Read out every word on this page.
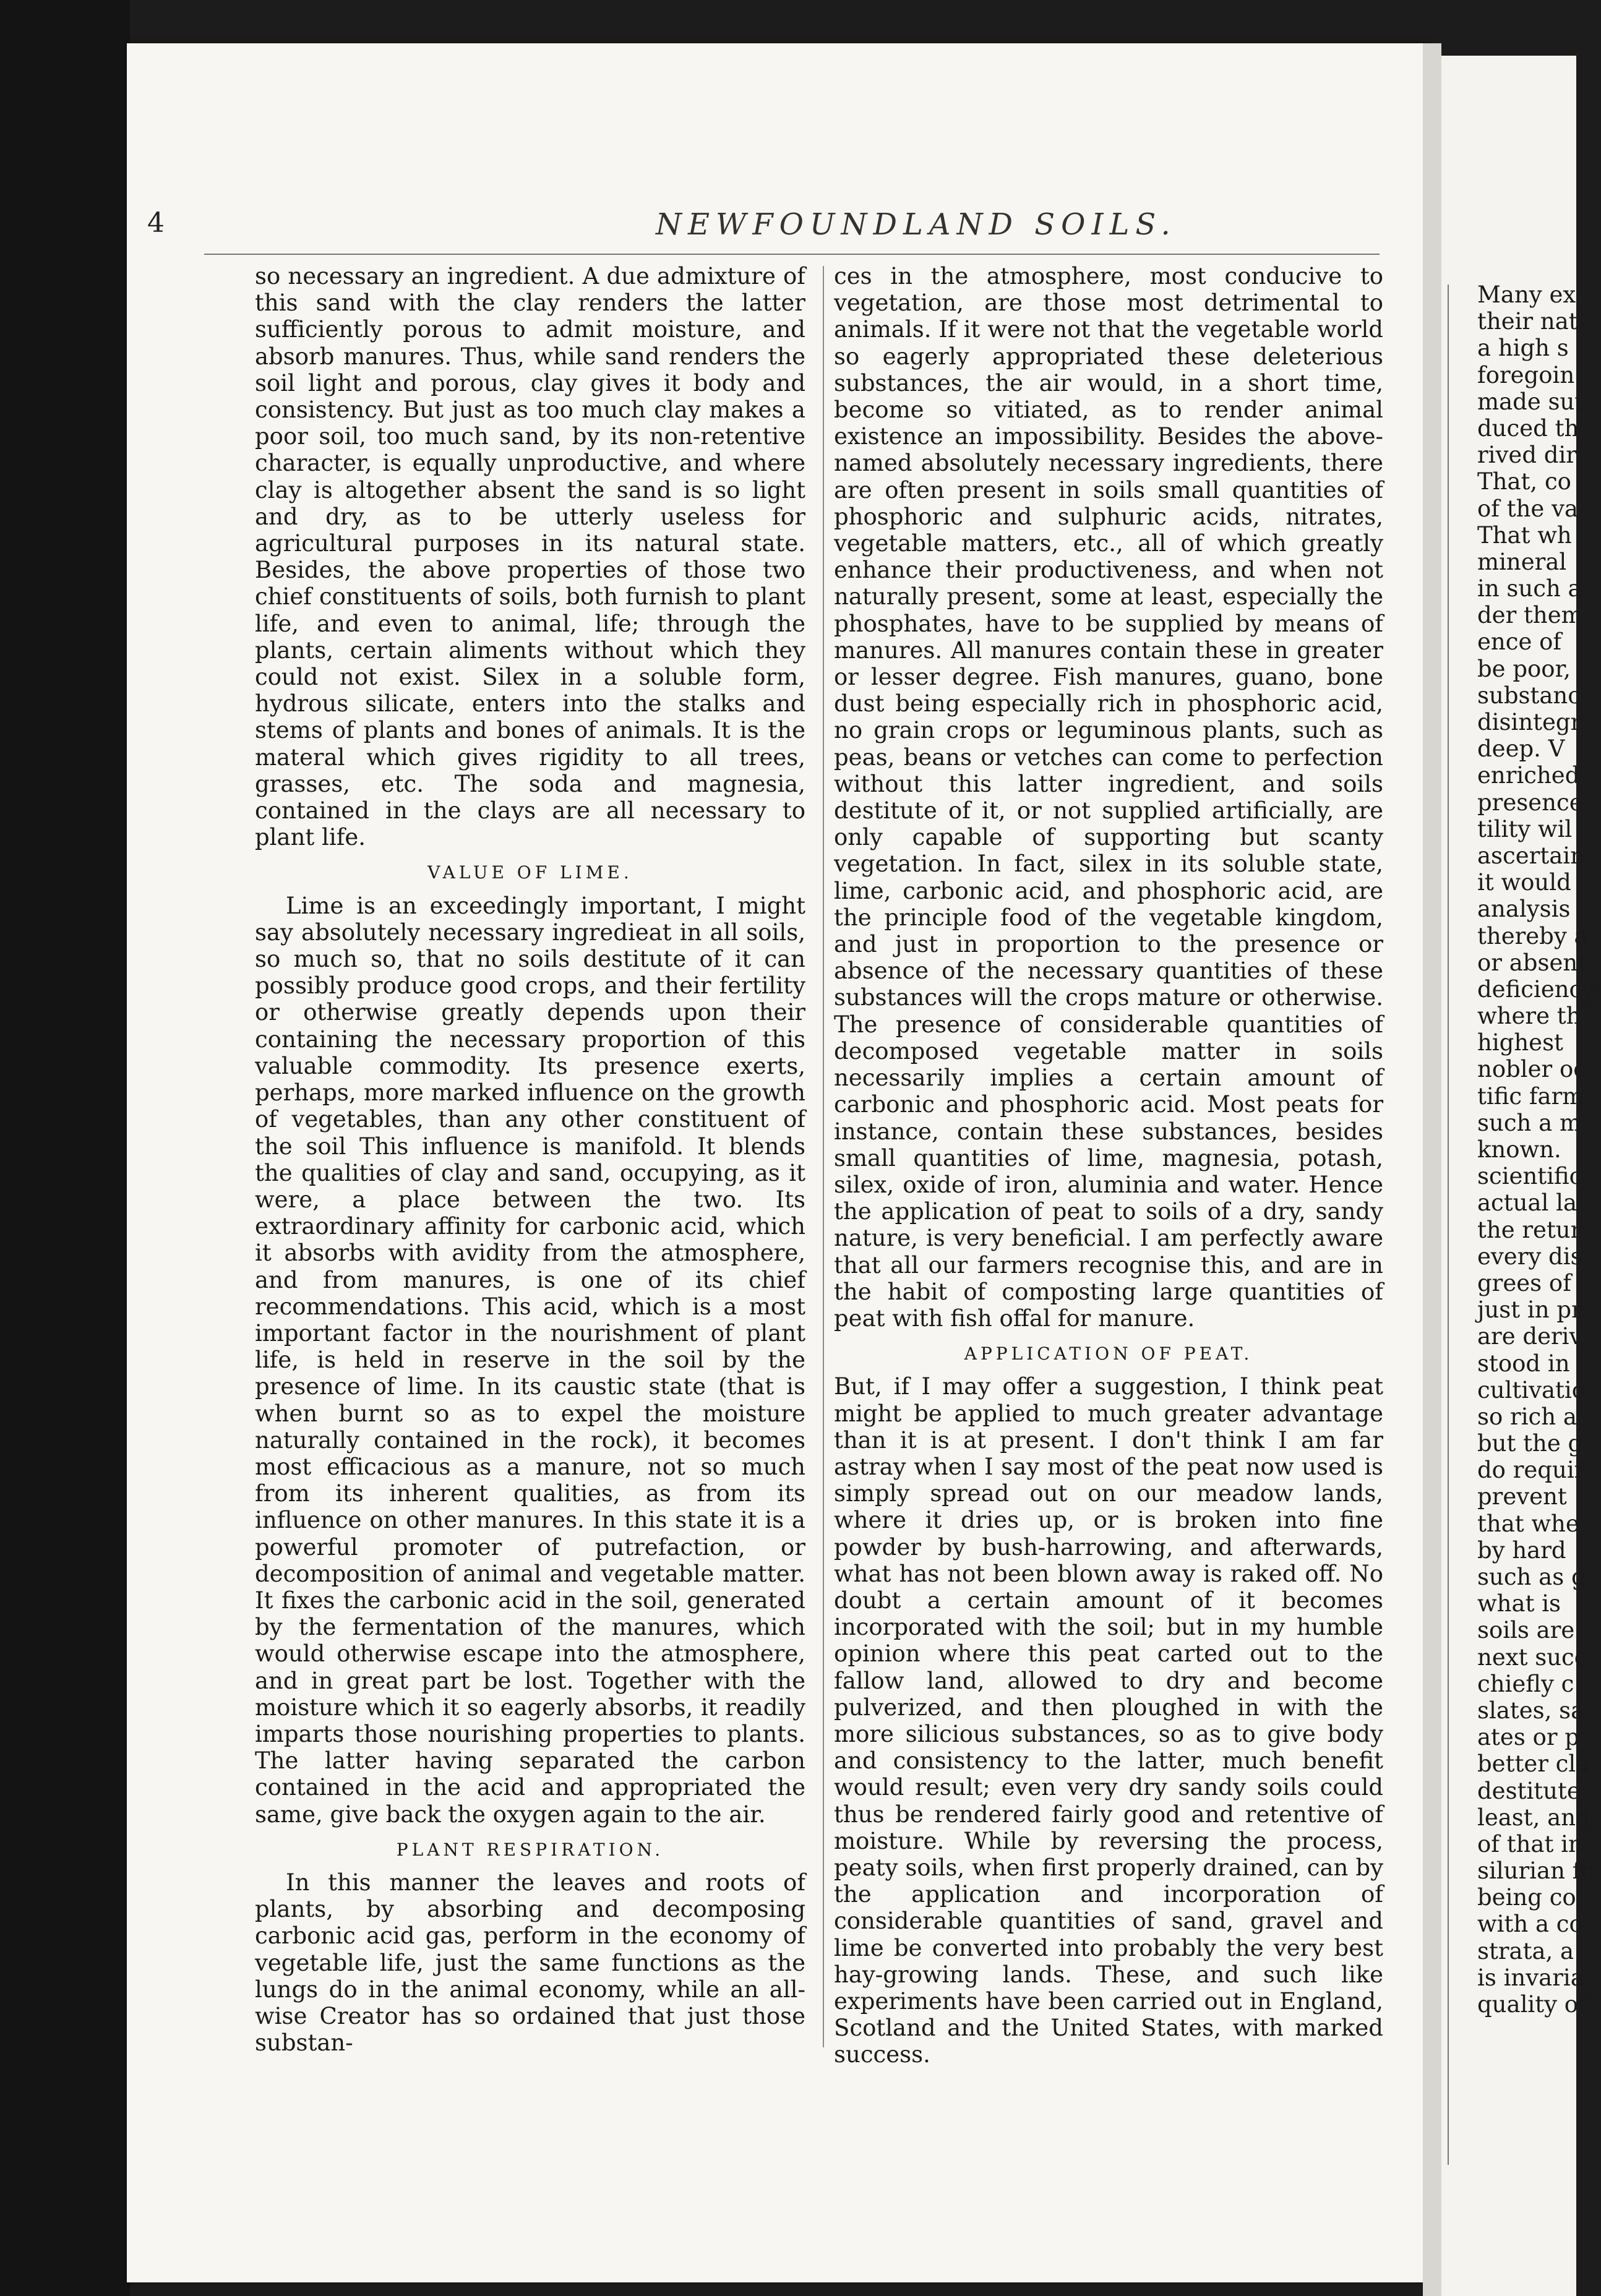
4	NEWFOUNDLAND SOILS.

so necessary an ingredient. A due admixture of this sand with the clay renders the latter sufficiently porous to admit moisture, and absorb manures. Thus, while sand renders the soil light and porous, clay gives it body and consistency. But just as too much clay makes a poor soil, too much sand, by its non-retentive character, is equally unproductive, and where clay is altogether absent the sand is so light and dry, as to be utterly useless for agricultural purposes in its natural state. Besides, the above properties of those two chief constituents of soils, both furnish to plant life, and even to animal, life; through the plants, certain aliments without which they could not exist. Silex in a soluble form, hydrous silicate, enters into the stalks and stems of plants and bones of animals. It is the materal which gives rigidity to all trees, grasses, etc. The soda and magnesia, contained in the clays are all necessary to plant life.

VALUE OF LIME.

Lime is an exceedingly important, I might say absolutely necessary ingredieat in all soils, so much so, that no soils destitute of it can possibly produce good crops, and their fertility or otherwise greatly depends upon their containing the necessary proportion of this valuable commodity. Its presence exerts, perhaps, more marked influence on the growth of vegetables, than any other constituent of the soil This influence is manifold. It blends the qualities of clay and sand, occupying, as it were, a place between the two. Its extraordinary affinity for carbonic acid, which it absorbs with avidity from the atmosphere, and from manures, is one of its chief recommendations. This acid, which is a most important factor in the nourishment of plant life, is held in reserve in the soil by the presence of lime. In its caustic state (that is when burnt so as to expel the moisture naturally contained in the rock), it becomes most efficacious as a manure, not so much from its inherent qualities, as from its influence on other manures. In this state it is a powerful promoter of putrefaction, or decomposition of animal and vegetable matter. It fixes the carbonic acid in the soil, generated by the fermentation of the manures, which would otherwise escape into the atmosphere, and in great part be lost. Together with the moisture which it so eagerly absorbs, it readily imparts those nourishing properties to plants. The latter having separated the carbon contained in the acid and appropriated the same, give back the oxygen again to the air.

PLANT RESPIRATION.

In this manner the leaves and roots of plants, by absorbing and decomposing carbonic acid gas, perform in the economy of vegetable life, just the same functions as the lungs do in the animal economy, while an all-wise Creator has so ordained that just those substan-

ces in the atmosphere, most conducive to vegetation, are those most detrimental to animals. If it were not that the vegetable world so eagerly appropriated these deleterious substances, the air would, in a short time, become so vitiated, as to render animal existence an impossibility. Besides the above-named absolutely necessary ingredients, there are often present in soils small quantities of phosphoric and sulphuric acids, nitrates, vegetable matters, etc., all of which greatly enhance their productiveness, and when not naturally present, some at least, especially the phosphates, have to be supplied by means of manures. All manures contain these in greater or lesser degree. Fish manures, guano, bone dust being especially rich in phosphoric acid, no grain crops or leguminous plants, such as peas, beans or vetches can come to perfection without this latter ingredient, and soils destitute of it, or not supplied artificially, are only capable of supporting but scanty vegetation. In fact, silex in its soluble state, lime, carbonic acid, and phosphoric acid, are the principle food of the vegetable kingdom, and just in proportion to the presence or absence of the necessary quantities of these substances will the crops mature or otherwise. The presence of considerable quantities of decomposed vegetable matter in soils necessarily implies a certain amount of carbonic and phosphoric acid. Most peats for instance, contain these substances, besides small quantities of lime, magnesia, potash, silex, oxide of iron, aluminia and water. Hence the application of peat to soils of a dry, sandy nature, is very beneficial. I am perfectly aware that all our farmers recognise this, and are in the habit of composting large quantities of peat with fish offal for manure.

APPLICATION OF PEAT.

But, if I may offer a suggestion, I think peat might be applied to much greater advantage than it is at present. I don't think I am far astray when I say most of the peat now used is simply spread out on our meadow lands, where it dries up, or is broken into fine powder by bush-harrowing, and afterwards, what has not been blown away is raked off. No doubt a certain amount of it becomes incorporated with the soil; but in my humble opinion where this peat carted out to the fallow land, allowed to dry and become pulverized, and then ploughed in with the more silicious substances, so as to give body and consistency to the latter, much benefit would result; even very dry sandy soils could thus be rendered fairly good and retentive of moisture. While by reversing the process, peaty soils, when first properly drained, can by the application and incorporation of considerable quantities of sand, gravel and lime be converted into probably the very best hay-growing lands. These, and such like experiments have been carried out in England, Scotland and the United States, with marked success.

Many ex
their nat
a high s
foregoin
made sut
duced th
rived dir
That, co
of the va
That wh
mineral
in such a
der them
ence of
be poor,
substanc
disintegr
deep. V
enriched
presence
tility wil
ascertain
it would
analysis
thereby a
or absent
deficiency
where th
highest
nobler oc
tific farm
such a m
known.
scientific
actual la
the retur
every dis
grees of
just in pr
are deriv
stood in
cultivatio
so rich a
but the g
do requir
prevent
that whe
by hard
such as g
what is
soils are
next succ
chiefly c
slates, sa
ates or p
better cla
destitute
least, and
of that in
silurian fo
being co
with a co
strata, a
is invaria
quality of
